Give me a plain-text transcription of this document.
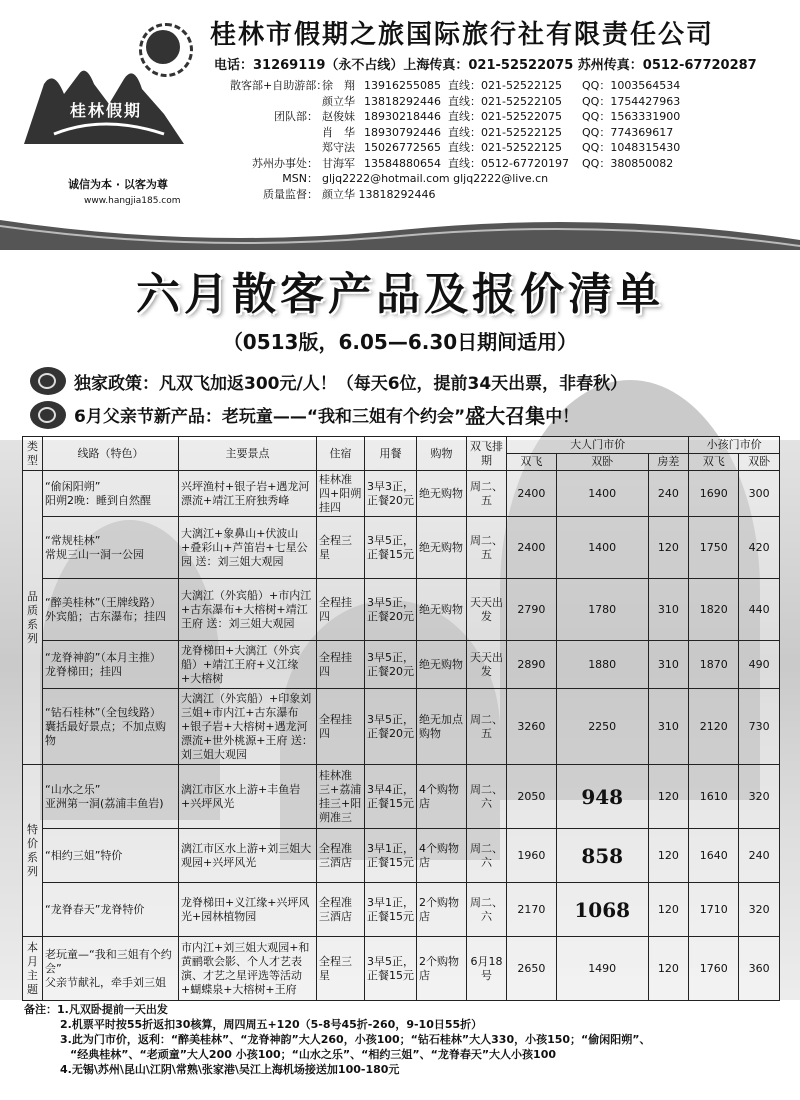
桂林假期
诚信为本 · 以客为尊
www.hangjia185.com
桂林市假期之旅国际旅行社有限责任公司
电话：31269119（永不占线）上海传真：021-52522075 苏州传真：0512-67720287
散客部+自助游部：
徐　翔 13916255085 直线：021-52522125	QQ：1003564534
颜立华 13818292446 直线：021-52522105	QQ：1754427963
团队部： 赵俊妹 18930218446 直线：021-52522075	QQ：1563331900
肖　华 18930792446 直线：021-52522125	QQ：774369617
郑守法 15026772565 直线：021-52522125	QQ：1048315430
苏州办事处： 甘海军 13584880654 直线：0512-67720197	QQ：380850082
MSN： gljq2222@hotmail.com gljq2222@live.cn
质量监督： 颜立华 13818292446
六月散客产品及报价清单
（0513版，6.05—6.30日期间适用）
独家政策：凡双飞加返300元/人！（每天6位，提前34天出票，非春秋）
6月父亲节新产品：老玩童——“我和三姐有个约会” 盛大召集 中！
类型	线路（特色）	主要景点	住宿	用餐	购物	双飞排期	大人门市价			小孩门市价	
							双飞	双卧	房差	双飞	双卧
品质系列	“偷闲阳朔”
阳朔2晚：睡到自然醒	兴坪渔村+银子岩+遇龙河漂流+靖江王府独秀峰	桂林准四+阳朔挂四	3早3正，正餐20元	绝无购物	周二、五	2400	1400	240	1690	300

	“常规桂林”
常规三山一洞一公园	大漓江+象鼻山+伏波山+叠彩山+芦笛岩+七星公园 送：刘三姐大观园	全程三星	3早5正，正餐15元	绝无购物	周二、五	2400	1400	120	1750	420

	“醉美桂林”（王牌线路）
外宾船；古东瀑布；挂四	大漓江（外宾船）+市内江+古东瀑布+大榕树+靖江王府 送：刘三姐大观园	全程挂四	3早5正，正餐20元	绝无购物	天天出发	2790	1780	310	1820	440

	“龙脊神韵”（本月主推）
龙脊梯田；挂四	龙脊梯田+大漓江（外宾船）+靖江王府+义江缘+大榕树	全程挂四	3早5正，正餐20元	绝无购物	天天出发	2890	1880	310	1870	490

	“钻石桂林”（全包线路）
囊括最好景点；不加点购物	大漓江（外宾船）+印象刘三姐+市内江+古东瀑布+银子岩+大榕树+遇龙河漂流+世外桃源+王府 送：刘三姐大观园	全程挂四	3早5正，正餐20元	绝无加点购物	周二、五	3260	2250	310	2120	730
特价系列	“山水之乐”
亚洲第一洞(荔浦丰鱼岩)	漓江市区水上游+丰鱼岩+兴坪风光	桂林准三+荔浦挂三+阳朔准三	3早4正，正餐15元	4个购物店	周二、六	2050	948	120	1610	320

	“相约三姐”特价	漓江市区水上游+刘三姐大观园+兴坪风光	全程准三酒店	3早1正，正餐15元	4个购物店	周二、六	1960	858	120	1640	240

	“龙脊春天”龙脊特价	龙脊梯田+义江缘+兴坪风光+园林植物园	全程准三酒店	3早1正，正餐15元	2个购物店	周二、六	2170	1068	120	1710	320
本月主题	老玩童—“我和三姐有个约会”
父亲节献礼，牵手刘三姐	市内江+刘三姐大观园+和黄鹂歌会影、个人才艺表演、才艺之星评选等活动+蝴蝶泉+大榕树+王府	全程三星	3早5正，正餐15元	2个购物店	6月18号	2650	1490	120	1760	360
备注：1.凡双卧提前一天出发
2.机票平时按55折返扣30核算，周四周五+120（5-8号45折-260，9-10日55折）
3.此为门市价，返利：“醉美桂林”、“龙脊神韵”大人260，小孩100；“钻石桂林”大人330，小孩150；“偷闲阳朔”、
“经典桂林”、“老顽童”大人200 小孩100；“山水之乐”、“相约三姐”、“龙脊春天”大人小孩100
4.无锡\苏州\昆山\江阴\常熟\张家港\吴江上海机场接送加100-180元
